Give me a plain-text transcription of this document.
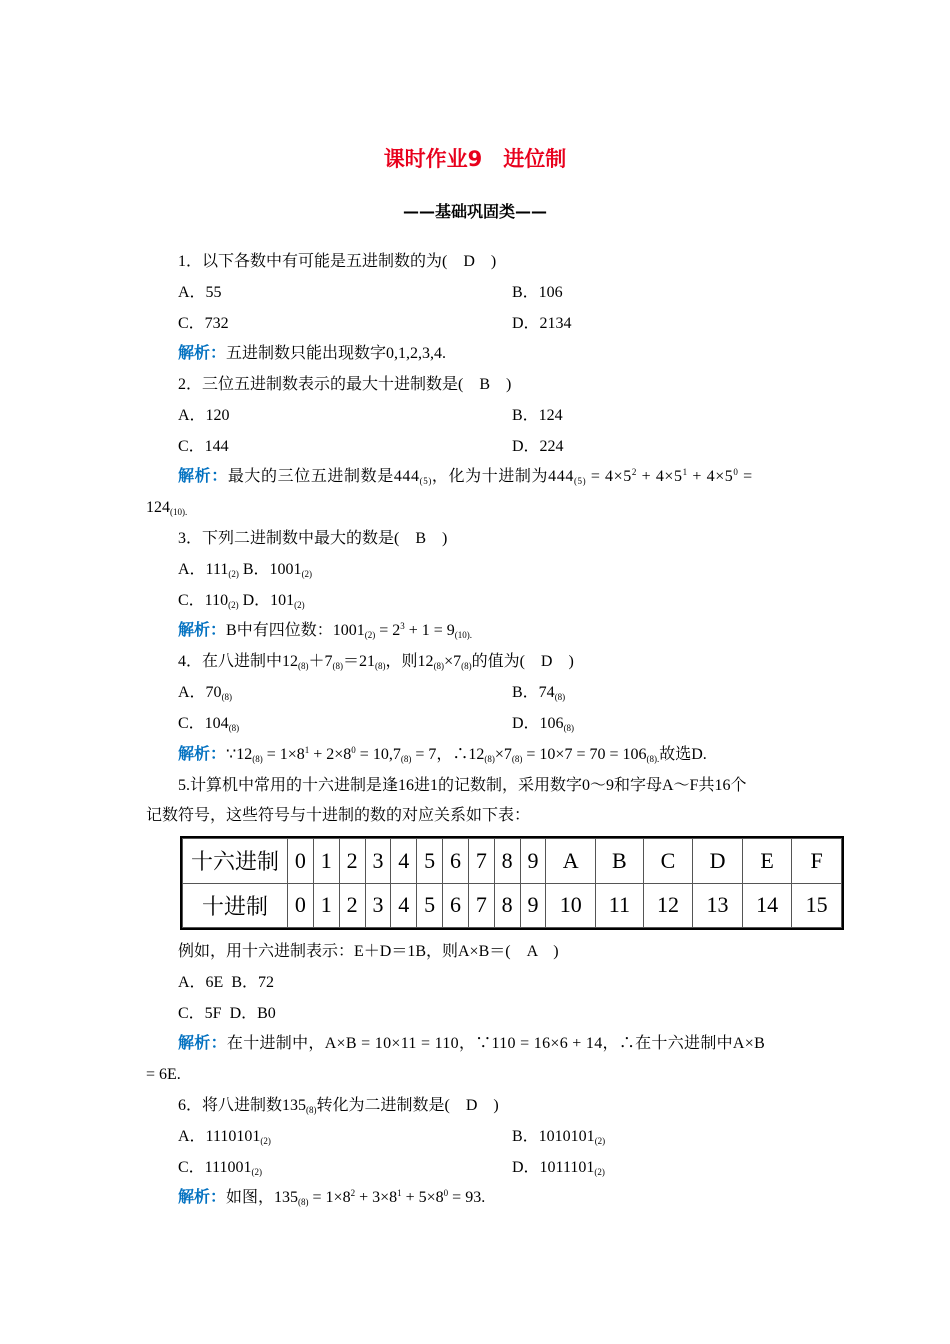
课时作业9　进位制
——基础巩固类——
1．以下各数中有可能是五进制数的为(　D　)
A．55	B．106
C．732	D．2134
解析：五进制数只能出现数字0,1,2,3,4.
2．三位五进制数表示的最大十进制数是(　B　)
A．120	B．124
C．144	D．224
解析：最大的三位五进制数是$444_{(5)}$，化为十进制为$444_{(5)} = 4\times 5^2 + 4\times 5^1 + 4\times 5^0$ =
$124_{(10).}$
3．下列二进制数中最大的数是(　B　)
A．$111_{(2)}$ B．$1001_{(2)}$
C．$110_{(2)}$ D．$101_{(2)}$
解析：B中有四位数：$1001_{(2)} = 2^3 + 1 = 9_{(10).}$
4．在八进制中$12_{(8)}+7_{(8)}=21_{(8)}$，则$12_{(8)}\times 7_{(8)}$的值为(　D　)
A．$70_{(8)}$	B．$74_{(8)}$
C．$104_{(8)}$	D．$106_{(8)}$
解析：$\because 12_{(8)} = 1\times 8^1 + 2\times 8^0 = 10,7_{(8)} = 7$，$\therefore 12_{(8)}\times 7_{(8)} = 10\times 7 = 70 = 106_{(8).}$故选D.
5.计算机中常用的十六进制是逢16进1的记数制，采用数字0～9和字母A～F共16个
记数符号，这些符号与十进制的数的对应关系如下表：
十六进制	0	1	2	3	4	5	6	7	8	9	A	B	C	D	E	F
十进制	0	1	2	3	4	5	6	7	8	9	10	11	12	13	14	15
例如，用十六进制表示：E＋D＝1B，则A×B＝(　A　)
A．6E  B．72
C．5F  D．B0
解析：在十进制中，A×B = 10×11 = 110，∵110 = 16×6 + 14，∴在十六进制中A×B
= 6E.
6．将八进制数$135_{(8)}$转化为二进制数是(　D　)
A．$1110101_{(2)}$	B．$1010101_{(2)}$
C．$111001_{(2)}$	D．$1011101_{(2)}$
解析：如图，$135_{(8)} = 1\times 8^2 + 3\times 8^1 + 5\times 8^0 = 93$.
